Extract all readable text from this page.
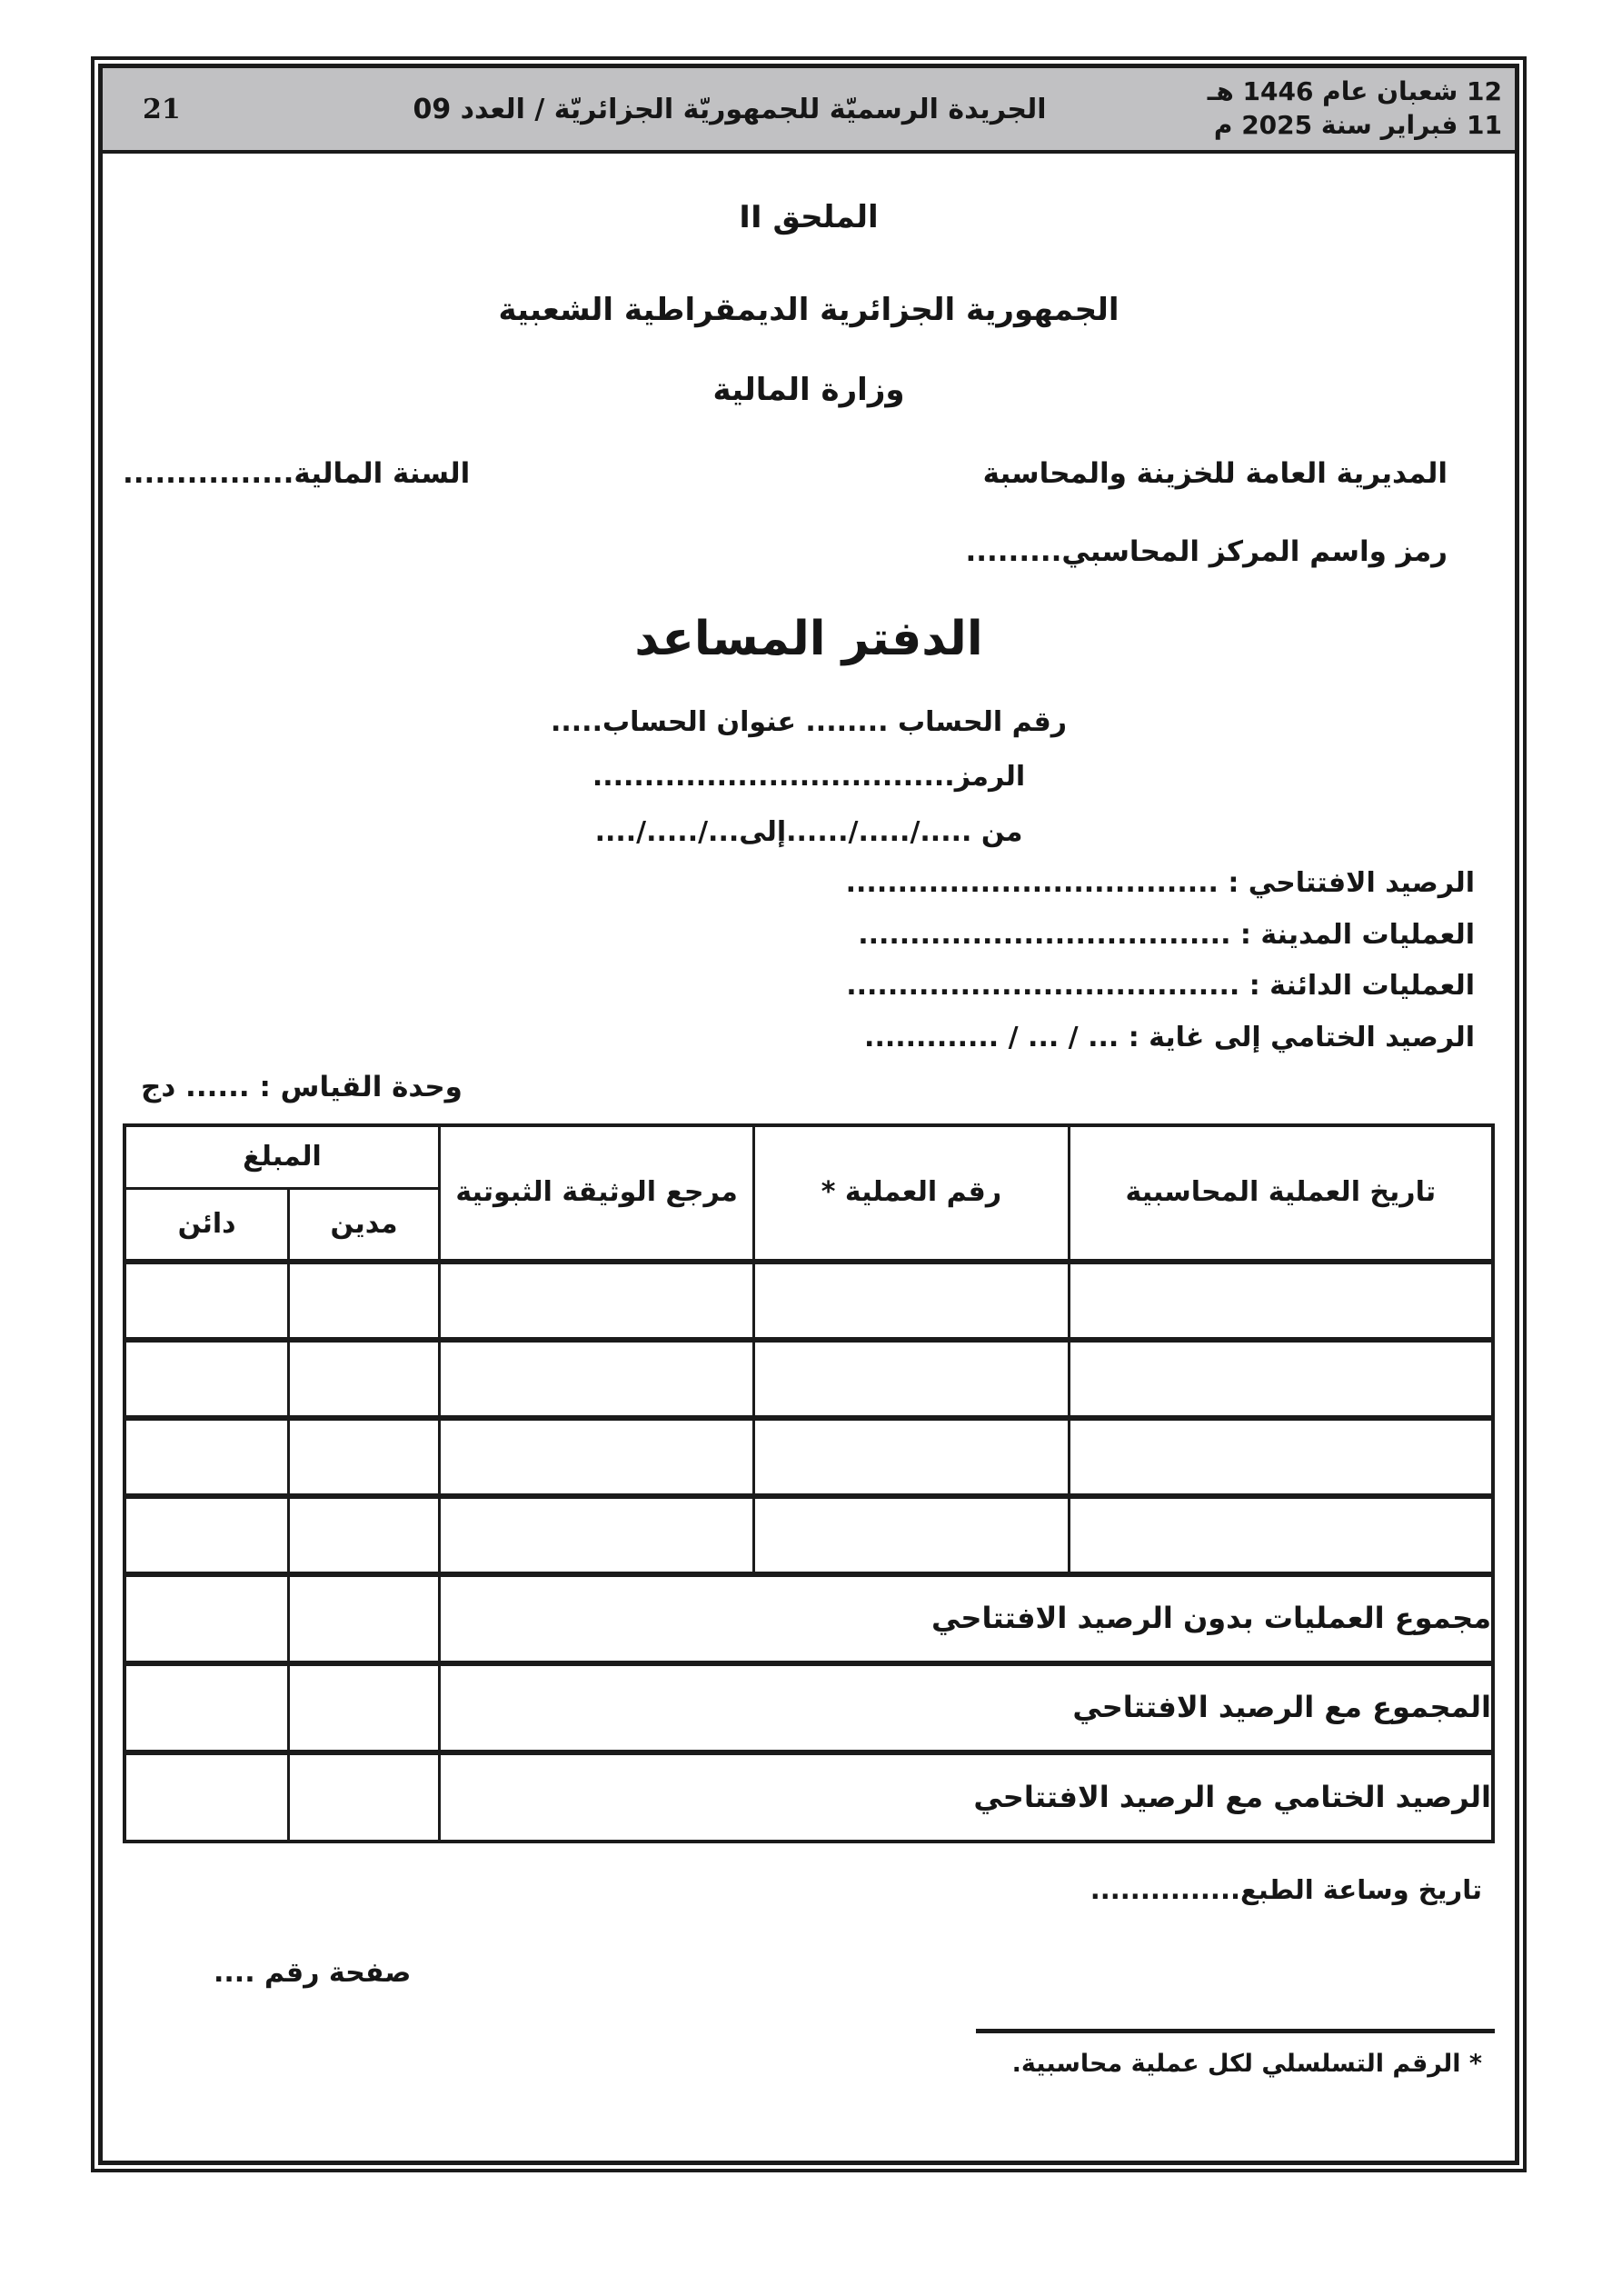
12 شعبان عام 1446 هـ
11 فبراير سنة 2025 م
الجريدة الرسميّة للجمهوريّة الجزائريّة / العدد 09
21
الملحق II
الجمهورية الجزائرية الديمقراطية الشعبية
وزارة المالية
المديرية العامة للخزينة والمحاسبة
السنة المالية................
رمز واسم المركز المحاسبي.........
الدفتر المساعد
رقم الحساب ........ عنوان الحساب.....
الرمز...................................
من ...../...../......إلى.../...../....
الرصيد الافتتاحي : ....................................
العمليات المدينة : ....................................
العمليات الدائنة : ......................................
الرصيد الختامي إلى غاية : ... / ... / .............
وحدة القياس : ...... دج
تاريخ العملية المحاسبية	رقم العملية *	مرجع الوثيقة الثبوتية	المبلغ	
			مدين	دائن

مجموع العمليات بدون الرصيد الافتتاحي				
المجموع مع الرصيد الافتتاحي				
الرصيد الختامي مع الرصيد الافتتاحي				
تاريخ وساعة الطبع...............
صفحة رقم ....
* الرقم التسلسلي لكل عملية محاسبية.
